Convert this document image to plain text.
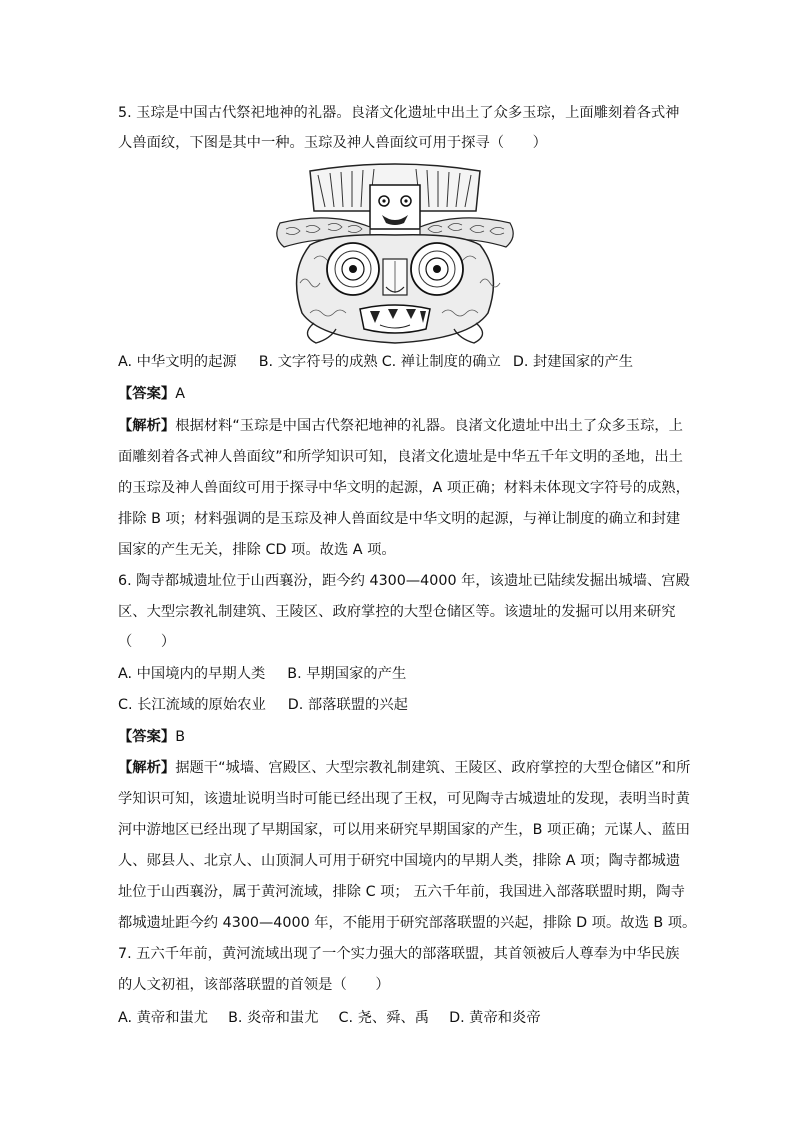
5. 玉琮是中国古代祭祀地神的礼器。良渚文化遗址中出土了众多玉琮，上面雕刻着各式神
人兽面纹，下图是其中一种。玉琮及神人兽面纹可用于探寻（　　）
A. 中华文明的起源 B. 文字符号的成熟 C. 禅让制度的确立 D. 封建国家的产生
【答案】A
【解析】根据材料“玉琮是中国古代祭祀地神的礼器。良渚文化遗址中出土了众多玉琮，上
面雕刻着各式神人兽面纹”和所学知识可知，良渚文化遗址是中华五千年文明的圣地，出土
的玉琮及神人兽面纹可用于探寻中华文明的起源，A 项正确；材料未体现文字符号的成熟，
排除 B 项；材料强调的是玉琮及神人兽面纹是中华文明的起源，与禅让制度的确立和封建
国家的产生无关，排除 CD 项。故选 A 项。
6. 陶寺都城遗址位于山西襄汾，距今约 4300—4000 年，该遗址已陆续发掘出城墙、宫殿
区、大型宗教礼制建筑、王陵区、政府掌控的大型仓储区等。该遗址的发掘可以用来研究
（　　）
A. 中国境内的早期人类 B. 早期国家的产生
C. 长江流域的原始农业 D. 部落联盟的兴起
【答案】B
【解析】据题干“城墙、宫殿区、大型宗教礼制建筑、王陵区、政府掌控的大型仓储区”和所
学知识可知，该遗址说明当时可能已经出现了王权，可见陶寺古城遗址的发现，表明当时黄
河中游地区已经出现了早期国家，可以用来研究早期国家的产生，B 项正确；元谋人、蓝田
人、郧县人、北京人、山顶洞人可用于研究中国境内的早期人类，排除 A 项；陶寺都城遗
址位于山西襄汾，属于黄河流域，排除 C 项； 五六千年前，我国进入部落联盟时期，陶寺
都城遗址距今约 4300—4000 年，不能用于研究部落联盟的兴起，排除 D 项。故选 B 项。
7. 五六千年前，黄河流域出现了一个实力强大的部落联盟，其首领被后人尊奉为中华民族
的人文初祖，该部落联盟的首领是（　　）
A. 黄帝和蚩尤 B. 炎帝和蚩尤 C. 尧、舜、禹 D. 黄帝和炎帝
